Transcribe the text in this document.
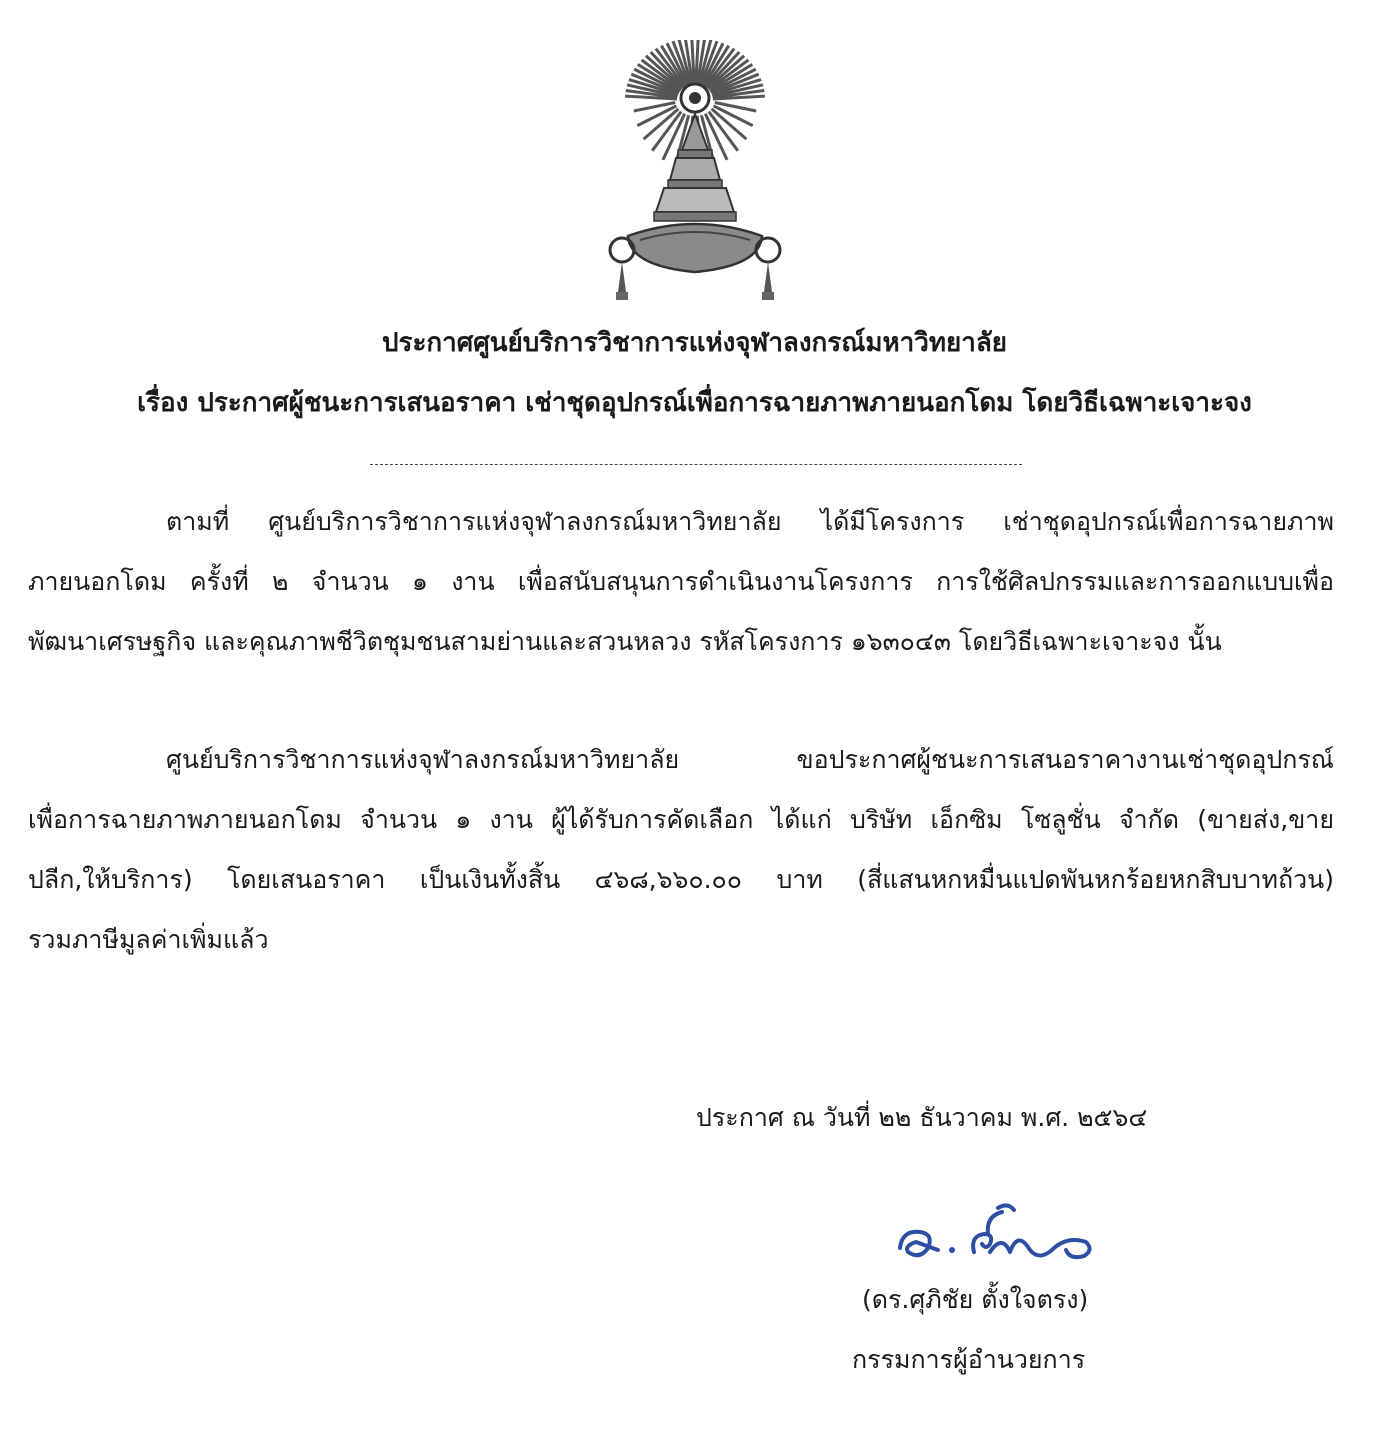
ประกาศศูนย์บริการวิชาการแห่งจุฬาลงกรณ์มหาวิทยาลัย
เรื่อง ประกาศผู้ชนะการเสนอราคา เช่าชุดอุปกรณ์เพื่อการฉายภาพภายนอกโดม โดยวิธีเฉพาะเจาะจง
ตามที่ ศูนย์บริการวิชาการแห่งจุฬาลงกรณ์มหาวิทยาลัย ได้มีโครงการ เช่าชุดอุปกรณ์เพื่อการฉายภาพ
ภายนอกโดม ครั้งที่ ๒ จำนวน ๑ งาน เพื่อสนับสนุนการดำเนินงานโครงการ การใช้ศิลปกรรมและการออกแบบเพื่อ
พัฒนาเศรษฐกิจ และคุณภาพชีวิตชุมชนสามย่านและสวนหลวง รหัสโครงการ ๑๖๓๐๔๓ โดยวิธีเฉพาะเจาะจง นั้น
ศูนย์บริการวิชาการแห่งจุฬาลงกรณ์มหาวิทยาลัย ขอประกาศผู้ชนะการเสนอราคางานเช่าชุดอุปกรณ์
เพื่อการฉายภาพภายนอกโดม จำนวน ๑ งาน ผู้ได้รับการคัดเลือก ได้แก่ บริษัท เอ็กซิม โซลูชั่น จำกัด (ขายส่ง,ขาย
ปลีก,ให้บริการ) โดยเสนอราคา เป็นเงินทั้งสิ้น ๔๖๘,๖๖๐.๐๐ บาท (สี่แสนหกหมื่นแปดพันหกร้อยหกสิบบาทถ้วน)
รวมภาษีมูลค่าเพิ่มแล้ว
ประกาศ ณ วันที่ ๒๒ ธันวาคม พ.ศ. ๒๕๖๔
(ดร.ศุภิชัย ตั้งใจตรง)
กรรมการผู้อำนวยการ
